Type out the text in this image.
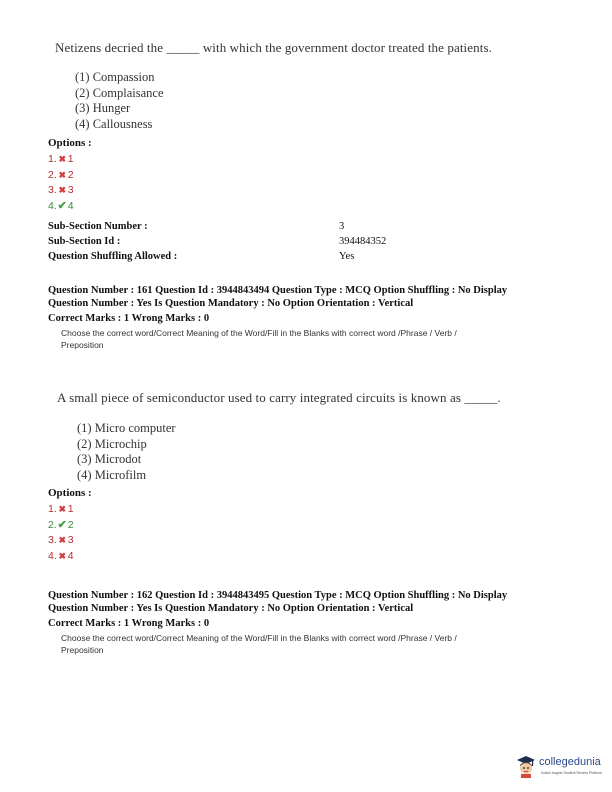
Netizens decried the _____ with which the government doctor treated the patients.
(1) Compassion
(2) Complaisance
(3) Hunger
(4) Callousness
Options :
1. ✖ 1
2. ✖ 2
3. ✖ 3
4.✔4
Sub-Section Number :	3
Sub-Section Id :	394484352
Question Shuffling Allowed :	Yes
Question Number : 161 Question Id : 3944843494 Question Type : MCQ Option Shuffling : No Display
Question Number : Yes Is Question Mandatory : No Option Orientation : Vertical
Correct Marks : 1 Wrong Marks : 0
Choose the correct word/Correct Meaning of the Word/Fill in the Blanks with correct word /Phrase / Verb /
Preposition
A small piece of semiconductor used to carry integrated circuits is known as _____.
(1) Micro computer
(2) Microchip
(3) Microdot
(4) Microfilm
Options :
1. ✖ 1
2.✔2
3. ✖ 3
4. ✖ 4
Question Number : 162 Question Id : 3944843495 Question Type : MCQ Option Shuffling : No Display
Question Number : Yes Is Question Mandatory : No Option Orientation : Vertical
Correct Marks : 1 Wrong Marks : 0
Choose the correct word/Correct Meaning of the Word/Fill in the Blanks with correct word /Phrase / Verb /
Preposition
collegedunia
India's largest Student Review Platform
